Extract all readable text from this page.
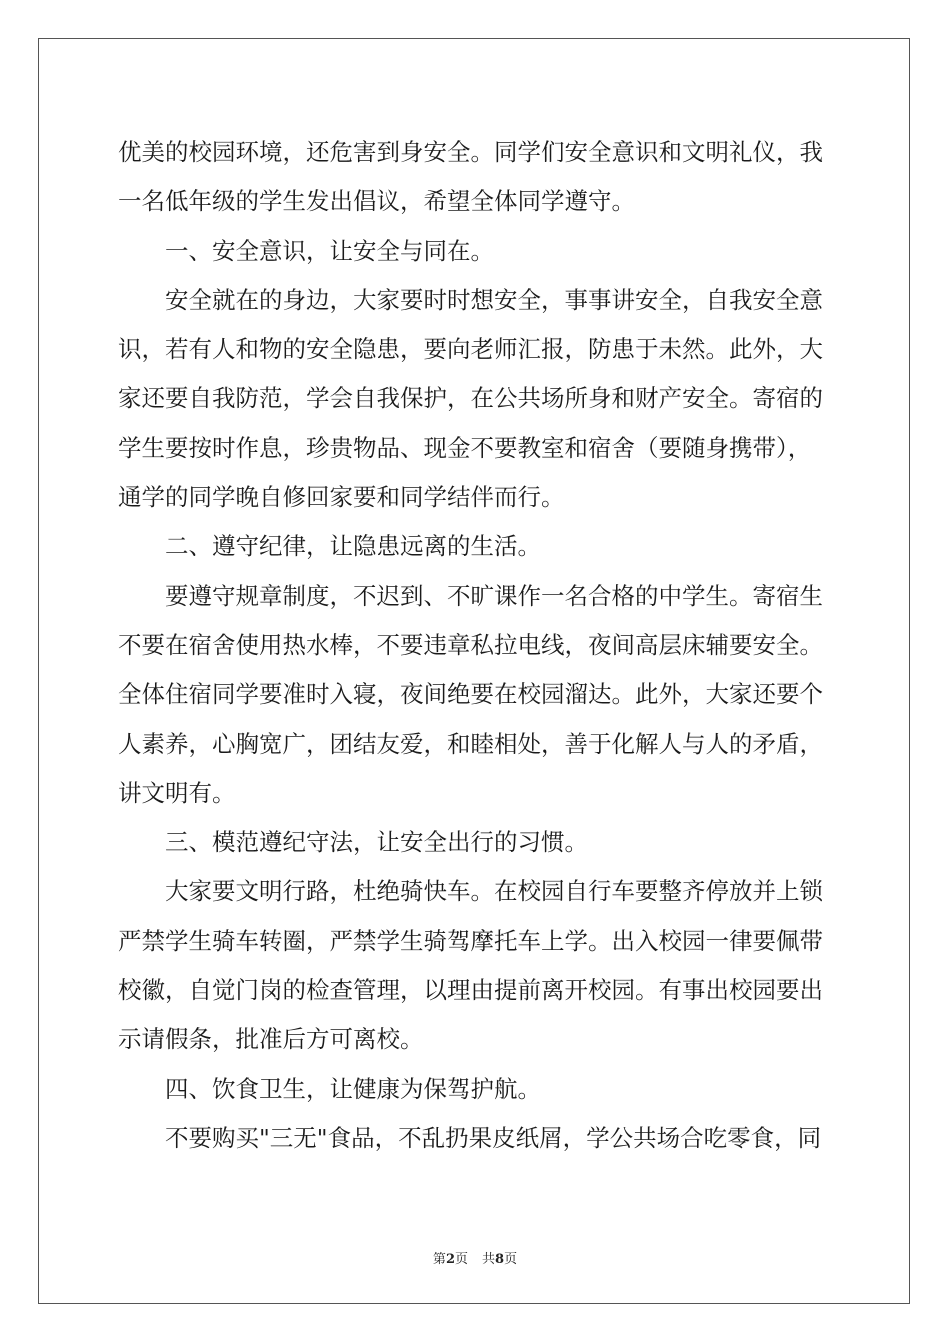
优美的校园环境，还危害到身安全。同学们安全意识和文明礼仪，我
一名低年级的学生发出倡议，希望全体同学遵守。
一、安全意识，让安全与同在。
安全就在的身边，大家要时时想安全，事事讲安全，自我安全意
识，若有人和物的安全隐患，要向老师汇报，防患于未然。此外，大
家还要自我防范，学会自我保护，在公共场所身和财产安全。寄宿的
学生要按时作息，珍贵物品、现金不要教室和宿舍（要随身携带），
通学的同学晚自修回家要和同学结伴而行。
二、遵守纪律，让隐患远离的生活。
要遵守规章制度，不迟到、不旷课作一名合格的中学生。寄宿生
不要在宿舍使用热水棒，不要违章私拉电线，夜间高层床辅要安全。
全体住宿同学要准时入寝，夜间绝要在校园溜达。此外，大家还要个
人素养，心胸宽广，团结友爱，和睦相处，善于化解人与人的矛盾，
讲文明有。
三、模范遵纪守法，让安全出行的习惯。
大家要文明行路，杜绝骑快车。在校园自行车要整齐停放并上锁
严禁学生骑车转圈，严禁学生骑驾摩托车上学。出入校园一律要佩带
校徽，自觉门岗的检查管理，以理由提前离开校园。有事出校园要出
示请假条，批准后方可离校。
四、饮食卫生，让健康为保驾护航。
不要购买"三无"食品，不乱扔果皮纸屑，学公共场合吃零食，同
第2页 共8页
